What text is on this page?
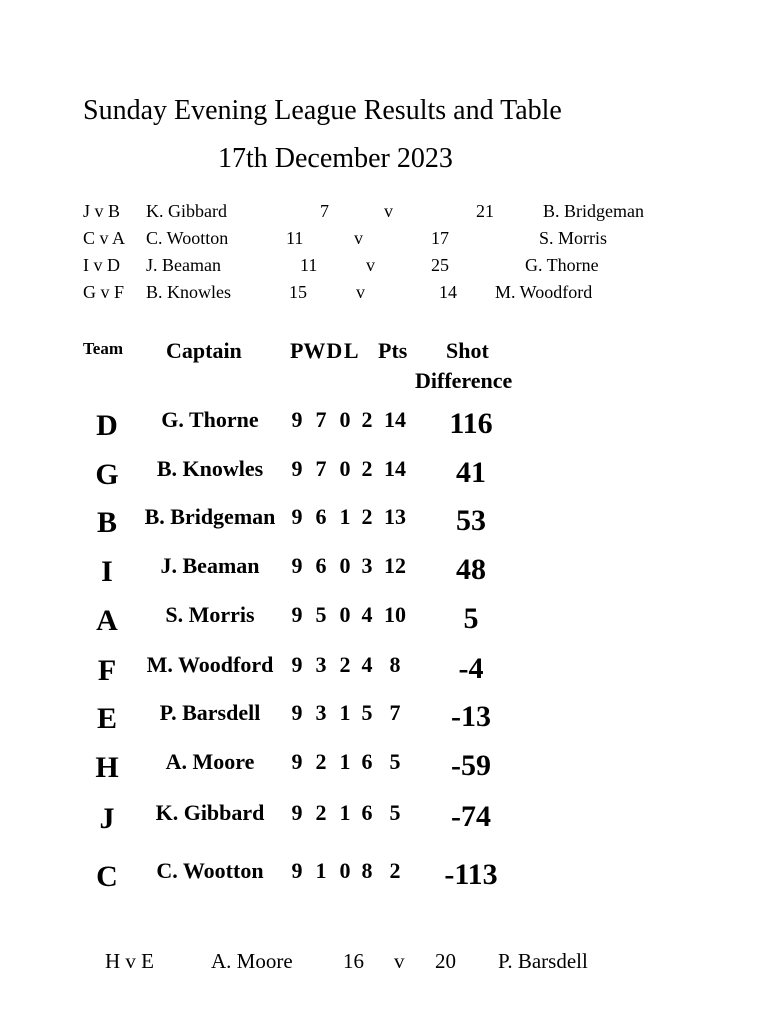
Sunday Evening League Results and Table
17th December 2023
J v B K. Gibbard	7	v	21	B. Bridgeman
C v A C. Wootton	11	v	17	S. Morris
I v D J. Beaman	11	v	25	G. Thorne
G v F B. Knowles	15	v	14 M. Woodford
Team Captain P W D L Pts Shot
Difference
D	G. Thorne	9 7 0 2 14	116
G	B. Knowles	9 7 0 2 14	41
B	B. Bridgeman 9 6 1 2 13	53
I	J. Beaman	9 6 0 3 12	48
A	S. Morris	9 5 0 4 10	5
F	M. Woodford 9 3 2 4 8	-4
E	P. Barsdell	9 3 1 5 7	-13
H	A. Moore	9 2 1 6 5	-59
J	K. Gibbard	9 2 1 6 5	-74
C	C. Wootton	9 1 0 8 2	-113
H v E	A. Moore 16 v 20 P. Barsdell
